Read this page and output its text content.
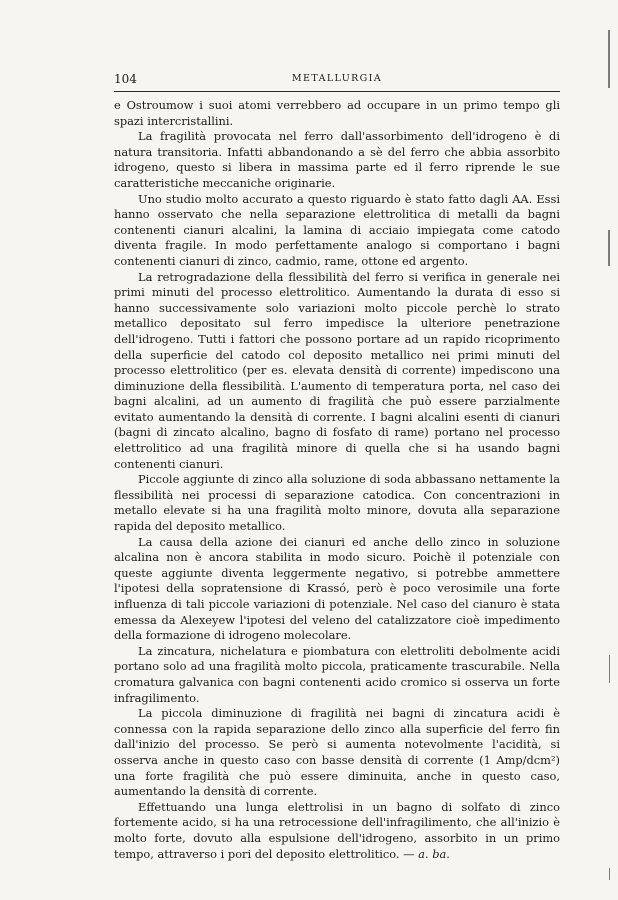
104	METALLURGIA

e Ostroumow i suoi atomi verrebbero ad occupare in un primo tempo gli spazi intercristallini.

La fragilità provocata nel ferro dall'assorbimento dell'idrogeno è di natura transitoria. Infatti abbandonando a sè del ferro che abbia assorbito idrogeno, questo si libera in massima parte ed il ferro riprende le sue caratteristiche meccaniche originarie.

Uno studio molto accurato a questo riguardo è stato fatto dagli AA. Essi hanno osservato che nella separazione elettrolitica di metalli da bagni contenenti cianuri alcalini, la lamina di acciaio impiegata come catodo diventa fragile. In modo perfettamente analogo si comportano i bagni contenenti cianuri di zinco, cadmio, rame, ottone ed argento.

La retrogradazione della flessibilità del ferro si verifica in generale nei primi minuti del processo elettrolitico. Aumentando la durata di esso si hanno successivamente solo variazioni molto piccole perchè lo strato metallico depositato sul ferro impedisce la ulteriore penetrazione dell'idrogeno. Tutti i fattori che possono portare ad un rapido ricoprimento della superficie del catodo col deposito metallico nei primi minuti del processo elettrolitico (per es. elevata densità di corrente) impediscono una diminuzione della flessibilità. L'aumento di temperatura porta, nel caso dei bagni alcalini, ad un aumento di fragilità che può essere parzialmente evitato aumentando la densità di corrente. I bagni alcalini esenti di cianuri (bagni di zincato alcalino, bagno di fosfato di rame) portano nel processo elettrolitico ad una fragilità minore di quella che si ha usando bagni contenenti cianuri.

Piccole aggiunte di zinco alla soluzione di soda abbassano nettamente la flessibilità nei processi di separazione catodica. Con concentrazioni in metallo elevate si ha una fragilità molto minore, dovuta alla separazione rapida del deposito metallico.

La causa della azione dei cianuri ed anche dello zinco in soluzione alcalina non è ancora stabilita in modo sicuro. Poichè il potenziale con queste aggiunte diventa leggermente negativo, si potrebbe ammettere l'ipotesi della sopratensione di Krassó, però è poco verosimile una forte influenza di tali piccole variazioni di potenziale. Nel caso del cianuro è stata emessa da Alexeyew l'ipotesi del veleno del catalizzatore cioè impedimento della formazione di idrogeno molecolare.

La zincatura, nichelatura e piombatura con elettroliti debolmente acidi portano solo ad una fragilità molto piccola, praticamente trascurabile. Nella cromatura galvanica con bagni contenenti acido cromico si osserva un forte infragilimento.

La piccola diminuzione di fragilità nei bagni di zincatura acidi è connessa con la rapida separazione dello zinco alla superficie del ferro fin dall'inizio del processo. Se però si aumenta notevolmente l'acidità, si osserva anche in questo caso con basse densità di corrente (1 Amp/dcm²) una forte fragilità che può essere diminuita, anche in questo caso, aumentando la densità di corrente.

Effettuando una lunga elettrolisi in un bagno di solfato di zinco fortemente acido, si ha una retrocessione dell'infragilimento, che all'inizio è molto forte, dovuto alla espulsione dell'idrogeno, assorbito in un primo tempo, attraverso i pori del deposito elettrolitico. — a. ba.
